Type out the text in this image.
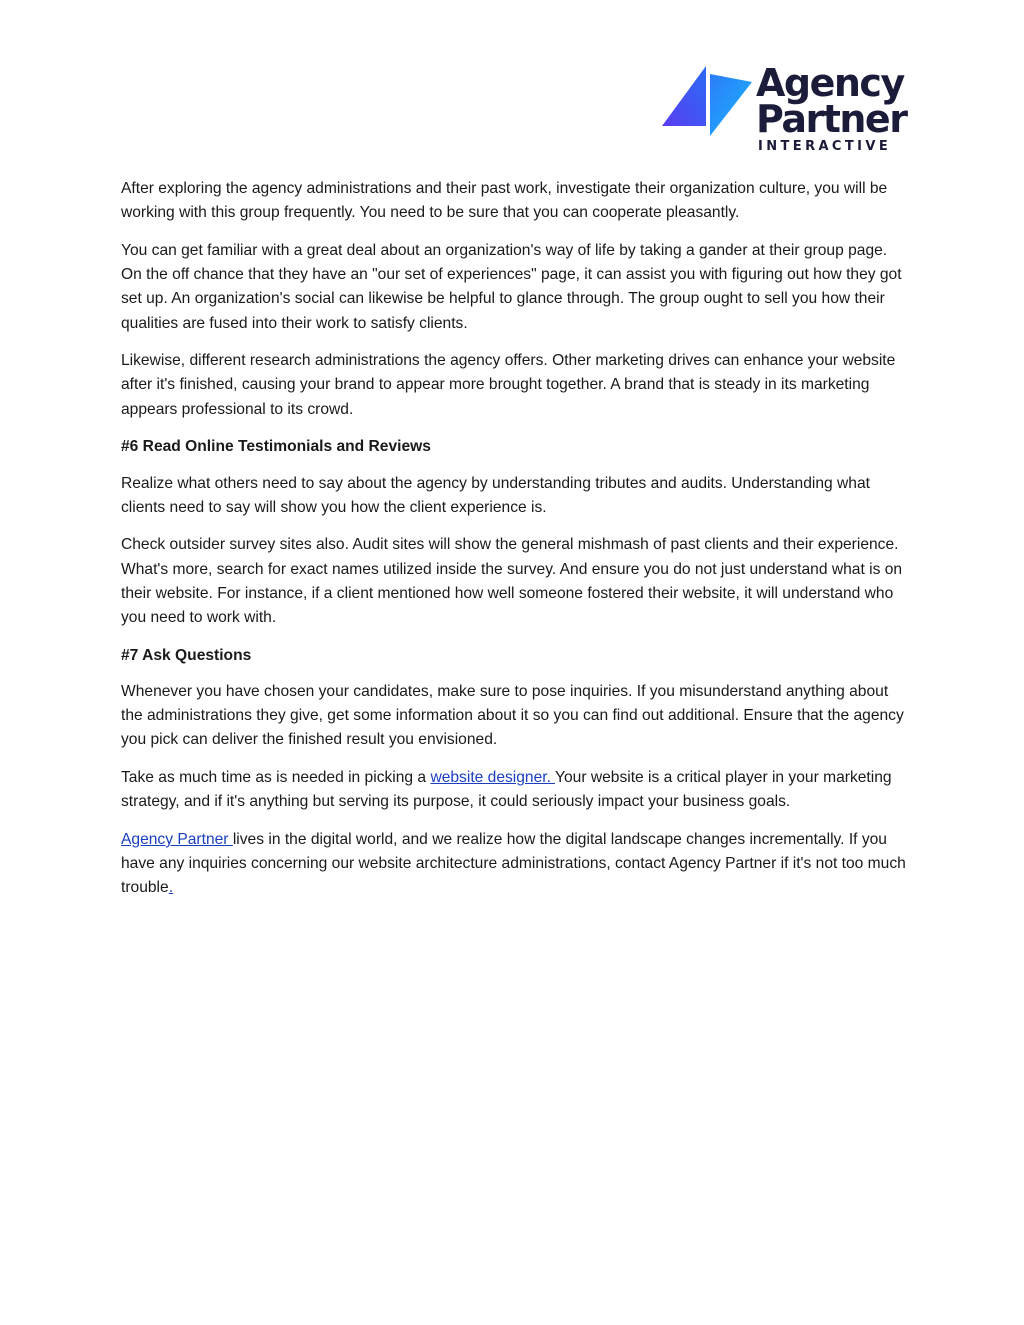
Agency
Partner
INTERACTIVE

After exploring the agency administrations and their past work, investigate their organization culture, you will be working with this group frequently. You need to be sure that you can cooperate pleasantly.

You can get familiar with a great deal about an organization's way of life by taking a gander at their group page. On the off chance that they have an "our set of experiences" page, it can assist you with figuring out how they got set up. An organization's social can likewise be helpful to glance through. The group ought to sell you how their qualities are fused into their work to satisfy clients.

Likewise, different research administrations the agency offers. Other marketing drives can enhance your website after it's finished, causing your brand to appear more brought together. A brand that is steady in its marketing appears professional to its crowd.

#6 Read Online Testimonials and Reviews

Realize what others need to say about the agency by understanding tributes and audits. Understanding what clients need to say will show you how the client experience is.

Check outsider survey sites also. Audit sites will show the general mishmash of past clients and their experience. What's more, search for exact names utilized inside the survey. And ensure you do not just understand what is on their website. For instance, if a client mentioned how well someone fostered their website, it will understand who you need to work with.

#7 Ask Questions

Whenever you have chosen your candidates, make sure to pose inquiries. If you misunderstand anything about the administrations they give, get some information about it so you can find out additional. Ensure that the agency you pick can deliver the finished result you envisioned.

Take as much time as is needed in picking a website designer. Your website is a critical player in your marketing strategy, and if it's anything but serving its purpose, it could seriously impact your business goals.

Agency Partner lives in the digital world, and we realize how the digital landscape changes incrementally. If you have any inquiries concerning our website architecture administrations, contact Agency Partner if it's not too much trouble.
